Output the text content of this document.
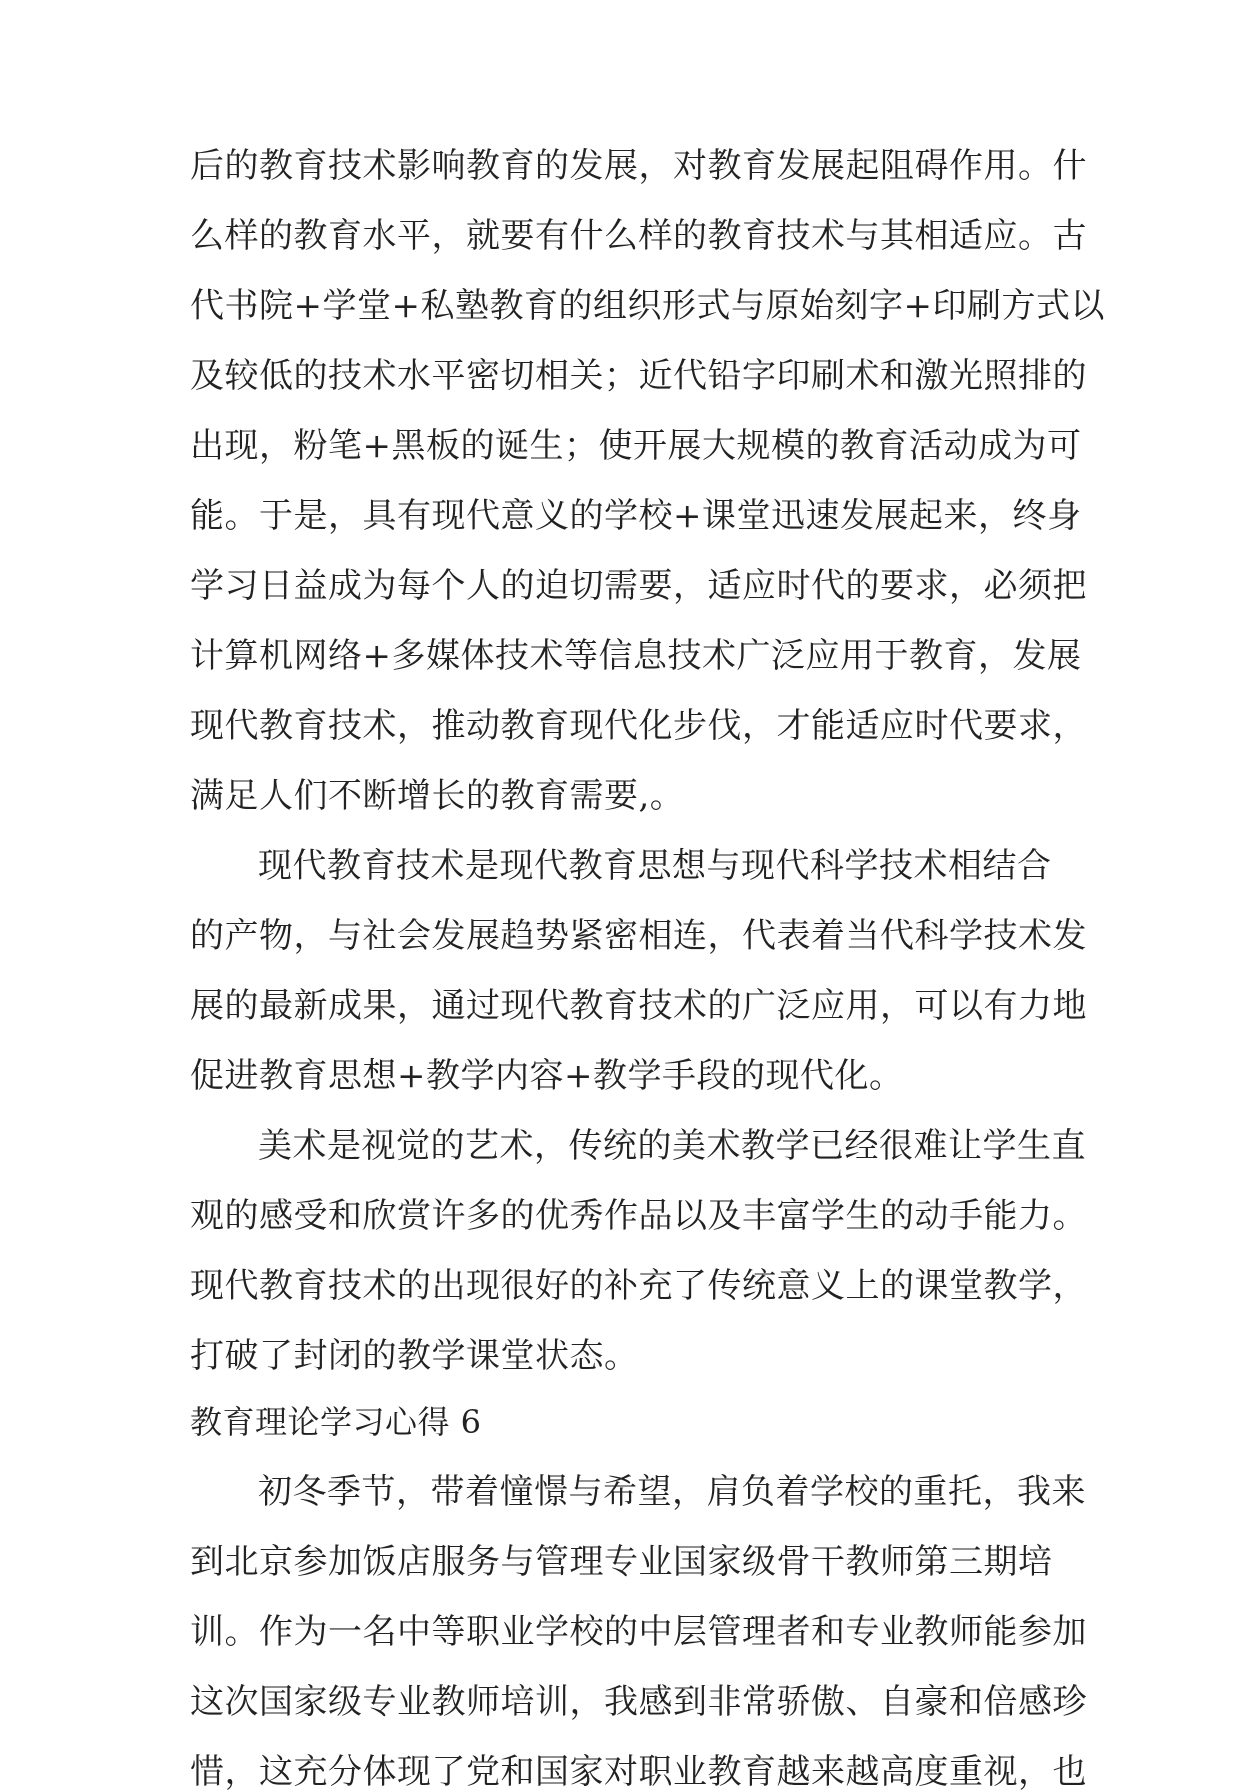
后的教育技术影响教育的发展，对教育发展起阻碍作用。什
么样的教育水平，就要有什么样的教育技术与其相适应。古
代书院+学堂+私塾教育的组织形式与原始刻字+印刷方式以
及较低的技术水平密切相关；近代铅字印刷术和激光照排的
出现，粉笔+黑板的诞生；使开展大规模的教育活动成为可
能。于是，具有现代意义的学校+课堂迅速发展起来，终身
学习日益成为每个人的迫切需要，适应时代的要求，必须把
计算机网络+多媒体技术等信息技术广泛应用于教育，发展
现代教育技术，推动教育现代化步伐，才能适应时代要求，
满足人们不断增长的教育需要,。
现代教育技术是现代教育思想与现代科学技术相结合
的产物，与社会发展趋势紧密相连，代表着当代科学技术发
展的最新成果，通过现代教育技术的广泛应用，可以有力地
促进教育思想+教学内容+教学手段的现代化。
美术是视觉的艺术，传统的美术教学已经很难让学生直
观的感受和欣赏许多的优秀作品以及丰富学生的动手能力。
现代教育技术的出现很好的补充了传统意义上的课堂教学，
打破了封闭的教学课堂状态。
教育理论学习心得 6
初冬季节，带着憧憬与希望，肩负着学校的重托，我来
到北京参加饭店服务与管理专业国家级骨干教师第三期培
训。作为一名中等职业学校的中层管理者和专业教师能参加
这次国家级专业教师培训，我感到非常骄傲、自豪和倍感珍
惜，这充分体现了党和国家对职业教育越来越高度重视，也
